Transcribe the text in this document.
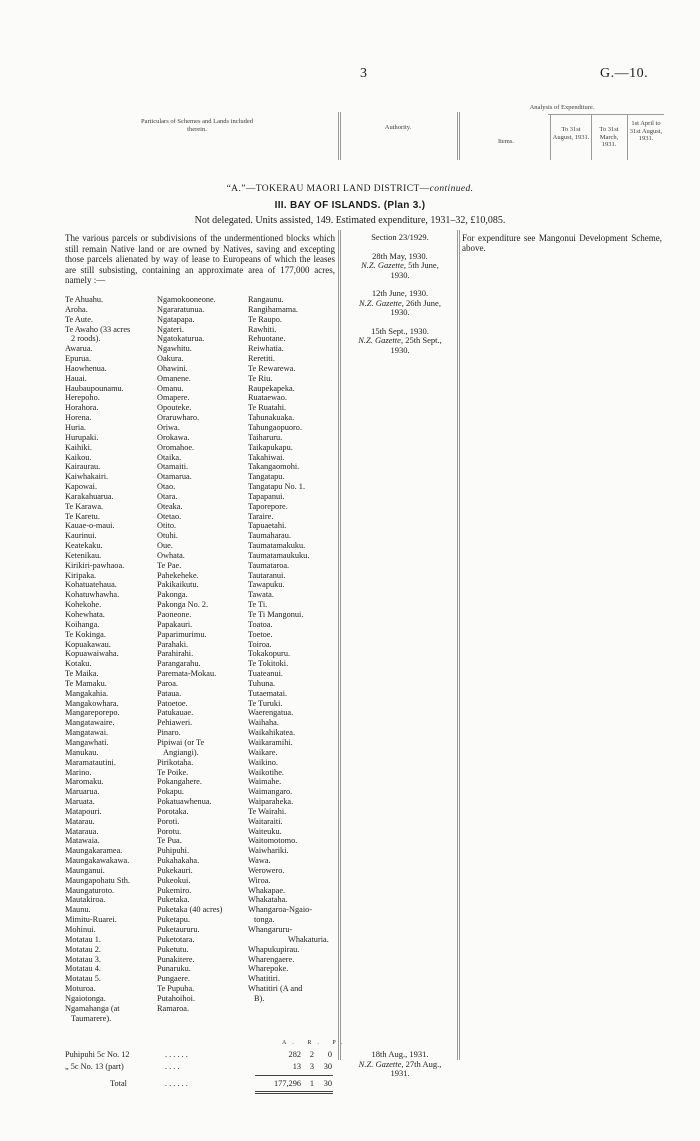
3	G.—10.
Particulars of Schemes and Lands included therein.	Authority.
Analysis of Expenditure.
Items.
To 31st August, 1931.
To 31st March, 1931.
1st April to 31st August, 1931.
“A.”—TOKERAU MAORI LAND DISTRICT—continued.
III. BAY OF ISLANDS. (Plan 3.)
Not delegated. Units assisted, 149. Estimated expenditure, 1931–32, £10,085.
The various parcels or subdivisions of the undermentioned blocks which still remain Native land or are owned by Natives, saving and excepting those parcels alienated by way of lease to Europeans of which the leases are still subsisting, containing an approximate area of 177,000 acres, namely :—
Te Ahuahu.
Aroha.
Te Aute.
Te Awaho (33 acres
2 roods).
Awarua.
Epurua.
Haowhenua.
Hauai.
Haubaupounamu.
Herepoho.
Horahora.
Horena.
Huria.
Hurupaki.
Kaihiki.
Kaikou.
Kairaurau.
Kaiwhakairi.
Kapowai.
Karakahuarua.
Te Karawa.
Te Karetu.
Kauae-o-maui.
Kaurinui.
Keatekaku.
Ketenikau.
Kirikiri-pawhaoa.
Kiripaka.
Kohatuatehaua.
Kohatuwhawha.
Kohekohe.
Kohewhata.
Koihanga.
Te Kokinga.
Kopuakawau.
Kopuawaiwaha.
Kotaku.
Te Maika.
Te Mamaku.
Mangakahia.
Mangakowhara.
Mangareporepo.
Mangatawaire.
Mangatawai.
Mangawhati.
Manukau.
Maramatautini.
Marino.
Maromaku.
Maruarua.
Maruata.
Matapouri.
Matarau.
Mataraua.
Matawaia.
Maungakaramea.
Maungakawakawa.
Maunganui.
Maungapohatu Sth.
Maungaturoto.
Mautakiroa.
Maunu.
Mimitu-Ruarei.
Mohinui.
Motatau 1.
Motatau 2.
Motatau 3.
Motatau 4.
Motatau 5.
Moturoa.
Ngaiotonga.
Ngamahanga (at
Taumarere).
Ngamokooneone.
Ngararatunua.
Ngatapapa.
Ngateri.
Ngatokaturua.
Ngawhitu.
Oakura.
Ohawini.
Omanene.
Omanu.
Omapere.
Opouteke.
Oraruwharo.
Oriwa.
Orokawa.
Oromahoe.
Otaika.
Otamaiti.
Otamarua.
Otao.
Otara.
Oteaka.
Otetao.
Otito.
Otuhi.
Oue.
Owhata.
Te Pae.
Pahekeheke.
Pakikaikutu.
Pakonga.
Pakonga No. 2.
Paoneone.
Papakauri.
Paparimurimu.
Parahaki.
Parahirahi.
Parangarahu.
Paremata-Mokau.
Paroa.
Pataua.
Patoetoe.
Patukauae.
Pehiaweri.
Pinaro.
Pipiwai (or Te
Angiangi).
Pirikotaha.
Te Poike.
Pokangahere.
Pokapu.
Pokatuawhenua.
Porotaka.
Poroti.
Porotu.
Te Pua.
Puhipuhi.
Pukahakaha.
Pukekauri.
Pukeokui.
Pukemiro.
Puketaka.
Puketaka (40 acres)
Puketapu.
Puketaururu.
Puketotara.
Puketutu.
Punakitere.
Punaruku.
Pungaere.
Te Pupuha.
Putahoihoi.
Ramaroa.
Rangaunu.
Rangihamama.
Te Raupo.
Rawhiti.
Rehuotane.
Reiwhatia.
Reretiti.
Te Rewarewa.
Te Riu.
Raupekapeka.
Ruataewao.
Te Ruatahi.
Tahunakuaka.
Tahungaopuoro.
Taiharuru.
Taikapukapu.
Takahiwai.
Takangaomohi.
Tangatapu.
Tangatapu No. 1.
Tapapanui.
Taporepore.
Taraire.
Tapuaetahi.
Taumaharau.
Taumatamakuku.
Taumatamaukuku.
Taumataroa.
Tautaranui.
Tawapuku.
Tawata.
Te Ti.
Te Ti Mangonui.
Toatoa.
Toetoe.
Toiroa.
Tokakopuru.
Te Tokitoki.
Tuateanui.
Tuhuna.
Tutaematai.
Te Turuki.
Waerengatua.
Waihaha.
Waikahikatea.
Waikaramihi.
Waikare.
Waikino.
Waikotihe.
Waimahe.
Waimangaro.
Waiparaheka.
Te Wairahi.
Waitaraiti.
Waiteuku.
Waitomotomo.
Waiwhariki.
Wawa.
Werowero.
Wiroa.
Whakapae.
Whakataha.
Whangaroa-Ngaio-
tonga.
Whangaruru-
Whakaturia.
Whapukupirau.
Wharengaere.
Wharepoke.
Whatitiri.
Whatitiri (A and
B).
Section 23/1929.
28th May, 1930.
N.Z. Gazette, 5th June,
1930.
12th June, 1930.
N.Z. Gazette, 26th June,
1930.
15th Sept., 1930.
N.Z. Gazette, 25th Sept.,
1930.
For expenditure see Mangonui Development Scheme, above.
A. R. P.
Puhipuhi 5c No. 12	. . . . . .	282	2	0
„ 5c No. 13 (part)	. . . .	13	3	30
Total	. . . . . .	177,296	1	30
18th Aug., 1931.
N.Z. Gazette, 27th Aug.,
1931.
